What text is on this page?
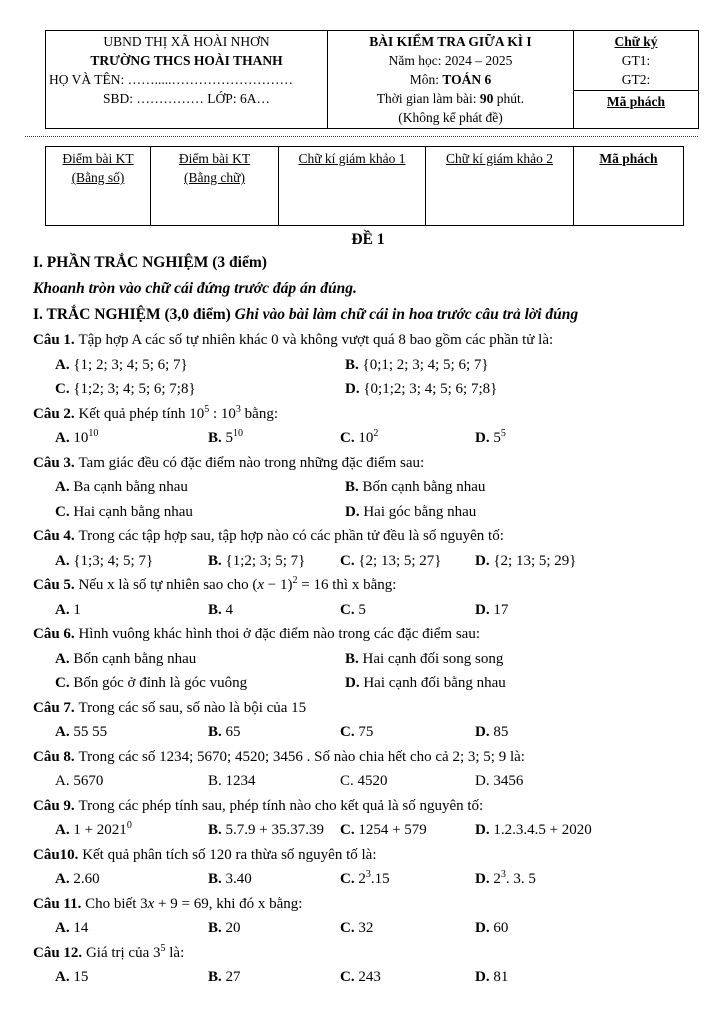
UBND THỊ XÃ HOÀI NHƠN
TRƯỜNG THCS HOÀI THANH
HỌ VÀ TÊN: …….....………………………
SBD: …………… LỚP: 6A…

BÀI KIỂM TRA GIỮA KÌ I
Năm học: 2024 – 2025
Môn: TOÁN 6
Thời gian làm bài: 90 phút.
(Không kể phát đề)

Chữ ký
GT1:
GT2:

Mã phách
Điểm bài KT
(Bằng số)

Điểm bài KT
(Bằng chữ)

Chữ kí giám khảo 1	Chữ kí giám khảo 2	Mã phách
ĐỀ 1
I. PHẦN TRẮC NGHIỆM (3 điểm)
Khoanh tròn vào chữ cái đứng trước đáp án đúng.
I. TRẮC NGHIỆM (3,0 điểm) Ghi vào bài làm chữ cái in hoa trước câu trả lời đúng
Câu 1. Tập hợp A các số tự nhiên khác 0 và không vượt quá 8 bao gồm các phần tử là:
A. {1; 2; 3; 4; 5; 6; 7}	B. {0;1; 2; 3; 4; 5; 6; 7}
C. {1;2; 3; 4; 5; 6; 7;8}	D. {0;1;2; 3; 4; 5; 6; 7;8}
Câu 2. Kết quả phép tính $10^5$ : $10^3$ bằng:
A. $10^{10}$	B. $5^{10}$	C. $10^2$	D. $5^5$
Câu 3. Tam giác đều có đặc điểm nào trong những đặc điểm sau:
A. Ba cạnh bằng nhau	B. Bốn cạnh bằng nhau
C. Hai cạnh bằng nhau	D. Hai góc bằng nhau
Câu 4. Trong các tập hợp sau, tập hợp nào có các phần tử đều là số nguyên tố:
A. {1;3; 4; 5; 7}	B. {1;2; 3; 5; 7}	C. {2; 13; 5; 27}	D. {2; 13; 5; 29}
Câu 5. Nếu x là số tự nhiên sao cho $(x - 1)^2 = 16$ thì x bằng:
A. 1	B. 4	C. 5	D. 17
Câu 6. Hình vuông khác hình thoi ở đặc điểm nào trong các đặc điểm sau:
A. Bốn cạnh bằng nhau	B. Hai cạnh đối song song
C. Bốn góc ở đỉnh là góc vuông	D. Hai cạnh đối bằng nhau
Câu 7. Trong các số sau, số nào là bội của 15
A. 55 55	B. 65	C. 75	D. 85
Câu 8. Trong các số 1234; 5670; 4520; 3456 . Số nào chia hết cho cả 2; 3; 5; 9 là:
A. 5670	B. 1234	C. 4520	D. 3456
Câu 9. Trong các phép tính sau, phép tính nào cho kết quả là số nguyên tố:
A. $1 + 2021^0$	B. 5.7.9 + 35.37.39	C. 1254 + 579	D. 1.2.3.4.5 + 2020
Câu10. Kết quả phân tích số 120 ra thừa số nguyên tố là:
A. 2.60	B. 3.40	C. $2^3.15$	D. $2^3$. 3. 5
Câu 11. Cho biết 3x + 9 = 69, khi đó x bằng:
A. 14	B. 20	C. 32	D. 60
Câu 12. Giá trị của $3^5$ là:
A. 15	B. 27	C. 243	D. 81
